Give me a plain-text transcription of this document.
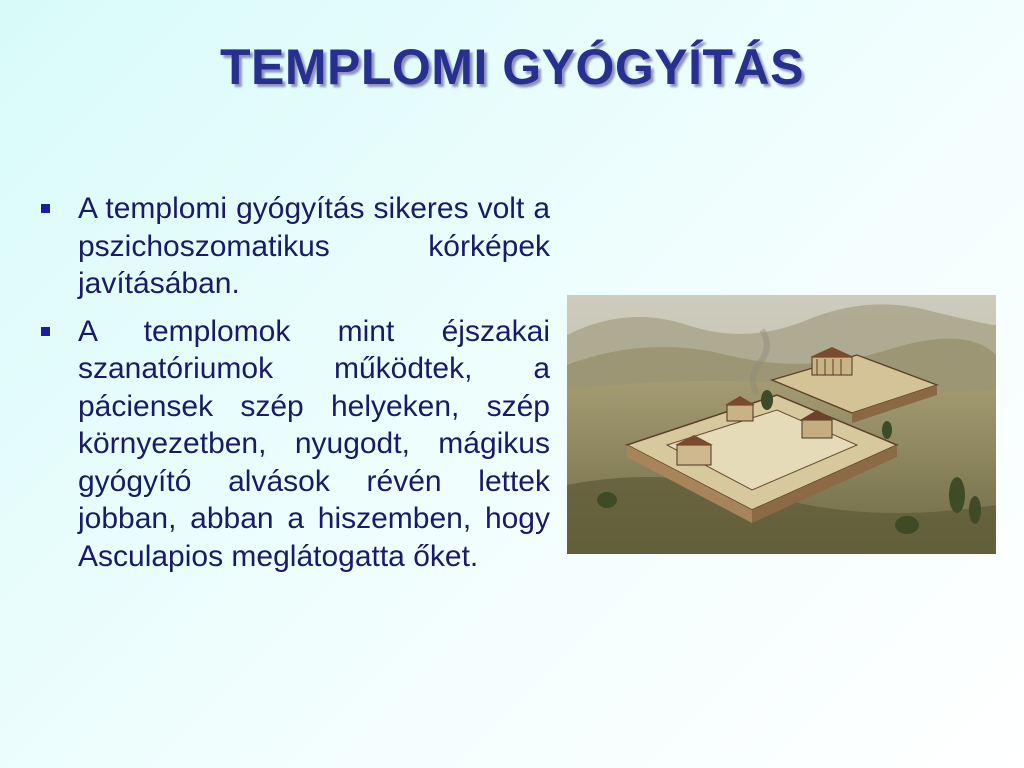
TEMPLOMI GYÓGYÍTÁS
A templomi gyógyítás sikeres volt a pszichoszomatikus kórképek javításában.
A templomok mint éjszakai szanatóriumok működtek, a páciensek szép helyeken, szép környezetben, nyugodt, mágikus gyógyító alvások révén lettek jobban, abban a hiszemben, hogy Asculapios meglátogatta őket.
